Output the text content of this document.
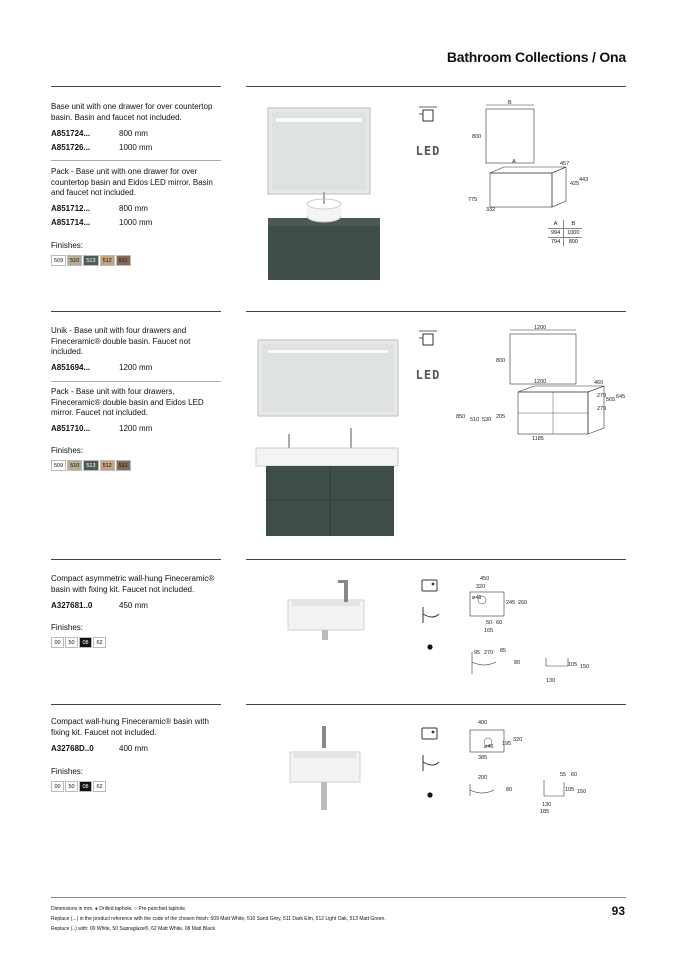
Bathroom Collections / Ona
Base unit with one drawer for over countertop basin. Basin and faucet not included.
A851724...	800 mm
A851726...	1000 mm
Pack - Base unit with one drawer for over countertop basin and Eidos LED mirror. Basin and faucet not included.
A851712...	800 mm
A851714...	1000 mm
Finishes:
509	510	513	512	511
LED
B
800
A	457
425
443
775
332
A	B
994	1000
794	800
Unik - Base unit with four drawers and Fineceramic® double basin. Faucet not included.
A851694...	1200 mm
Pack - Base unit with four drawers, Fineceramic® double basin and Eidos LED mirror. Faucet not included.
A851710...	1200 mm
Finishes:
509	510	513	512	511
LED
1200
800
1200	460
279
565 645
279
850 510 530 205
1185
Compact asymmetric wall-hung Fineceramic® basin with fixing kit. Faucet not included.
A327681..0	450 mm
Finishes:
00	50	08	62
450
320
ø46
245 260
50 60
165
95 270 85
80	105 150
130
Compact wall-hung Fineceramic® basin with fixing kit. Faucet not included.
A32768D..0	400 mm
Finishes:
00	50	08	62
400
ø46 195
320
385
200
80
55 60
105 150
130
185
Dimensions in mm. ● Drilled taphole. ○ Pre-punched taphole.
Replace (...) in the product reference with the code of the chosen finish: 509 Matt White, 510 Sand Grey, 511 Dark Elm, 512 Light Oak, 513 Matt Green.
Replace (..) with: 00 White, 50 Supraglaze®, 62 Matt White, 08 Matt Black
93
